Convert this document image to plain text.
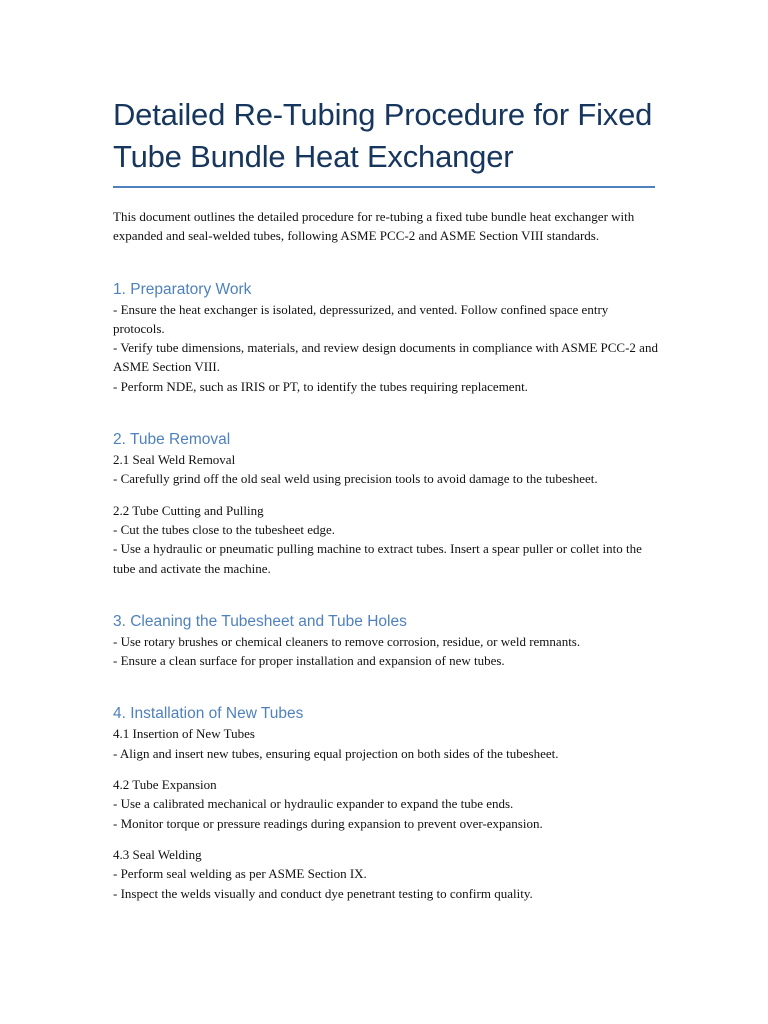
Detailed Re-Tubing Procedure for Fixed Tube Bundle Heat Exchanger

This document outlines the detailed procedure for re-tubing a fixed tube bundle heat exchanger with expanded and seal-welded tubes, following ASME PCC-2 and ASME Section VIII standards.

1. Preparatory Work
- Ensure the heat exchanger is isolated, depressurized, and vented. Follow confined space entry protocols.
- Verify tube dimensions, materials, and review design documents in compliance with ASME PCC-2 and ASME Section VIII.
- Perform NDE, such as IRIS or PT, to identify the tubes requiring replacement.
2. Tube Removal
2.1 Seal Weld Removal
- Carefully grind off the old seal weld using precision tools to avoid damage to the tubesheet.
2.2 Tube Cutting and Pulling
- Cut the tubes close to the tubesheet edge.
- Use a hydraulic or pneumatic pulling machine to extract tubes. Insert a spear puller or collet into the tube and activate the machine.
3. Cleaning the Tubesheet and Tube Holes
- Use rotary brushes or chemical cleaners to remove corrosion, residue, or weld remnants.
- Ensure a clean surface for proper installation and expansion of new tubes.
4. Installation of New Tubes
4.1 Insertion of New Tubes
- Align and insert new tubes, ensuring equal projection on both sides of the tubesheet.
4.2 Tube Expansion
- Use a calibrated mechanical or hydraulic expander to expand the tube ends.
- Monitor torque or pressure readings during expansion to prevent over-expansion.
4.3 Seal Welding
- Perform seal welding as per ASME Section IX.
- Inspect the welds visually and conduct dye penetrant testing to confirm quality.
